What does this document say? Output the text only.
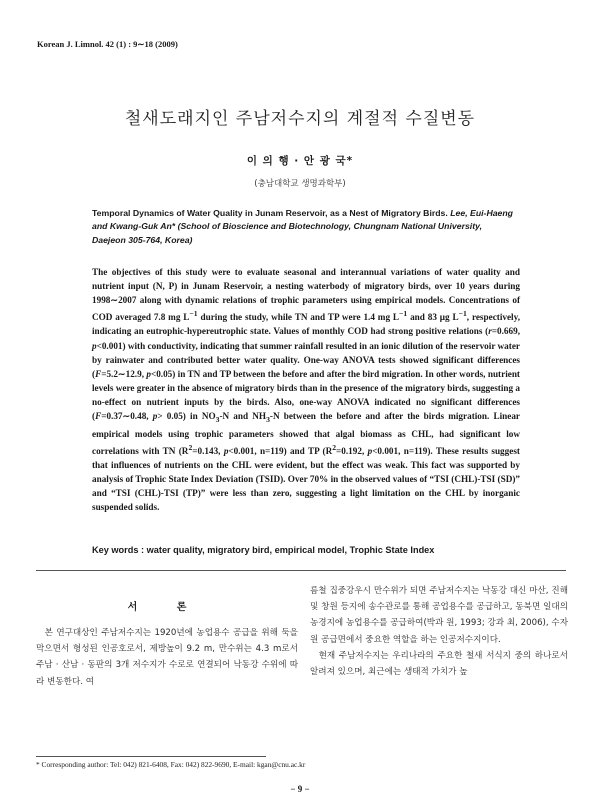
Korean J. Limnol. 42 (1) : 9∼18 (2009)
철새도래지인 주남저수지의 계절적 수질변동
이 의 행 · 안 광 국*
(충남대학교 생명과학부)
Temporal Dynamics of Water Quality in Junam Reservoir, as a Nest of Migratory Birds. Lee, Eui-Haeng and Kwang-Guk An* (School of Bioscience and Biotechnology, Chungnam National University, Daejeon 305-764, Korea)
The objectives of this study were to evaluate seasonal and interannual variations of water quality and nutrient input (N, P) in Junam Reservoir, a nesting waterbody of migratory birds, over 10 years during 1998∼2007 along with dynamic relations of trophic parameters using empirical models. Concentrations of COD averaged 7.8 mg $L^{-1}$ during the study, while TN and TP were 1.4 mg $L^{-1}$ and 83 μg $L^{-1}$, respectively, indicating an eutrophic-hypereutrophic state. Values of monthly COD had strong positive relations (r=0.669, p<0.001) with conductivity, indicating that summer rainfall resulted in an ionic dilution of the reservoir water by rainwater and contributed better water quality. One-way ANOVA tests showed significant differences (F=5.2∼12.9, p<0.05) in TN and TP between the before and after the bird migration. In other words, nutrient levels were greater in the absence of migratory birds than in the presence of the migratory birds, suggesting a no-effect on nutrient inputs by the birds. Also, one-way ANOVA indicated no significant differences (F=0.37∼0.48, p> 0.05) in $NO_3-N$ and $NH_3-N$ between the before and after the birds migration. Linear empirical models using trophic parameters showed that algal biomass as CHL, had significant low correlations with TN ($R^2=0.143$, p<0.001, n=119) and TP ($R^2=0.192$, p<0.001, n=119). These results suggest that influences of nutrients on the CHL were evident, but the effect was weak. This fact was supported by analysis of Trophic State Index Deviation (TSID). Over 70% in the observed values of “TSI (CHL)-TSI (SD)” and “TSI (CHL)-TSI (TP)” were less than zero, suggesting a light limitation on the CHL by inorganic suspended solids.
Key words : water quality, migratory bird, empirical model, Trophic State Index
서 론

본 연구대상인 주남저수지는 1920년에 농업용수 공급을 위해 둑을 막으면서 형성된 인공호로서, 제방높이 9.2 m, 만수위는 4.3 m로서 주남 · 산남 · 동판의 3개 저수지가 수로로 연결되어 낙동강 수위에 따라 변동한다. 여

름철 집중강우시 만수위가 되면 주남저수지는 낙동강 대신 마산, 진해 및 창원 등지에 송수관로를 통해 공업용수를 공급하고, 동북면 일대의 농경지에 농업용수를 공급하여(박과 원, 1993; 강과 최, 2006), 수자원 공급면에서 중요한 역할을 하는 인공저수지이다.

현재 주남저수지는 우리나라의 주요한 철새 서식지 중의 하나로서 알려져 있으며, 최근에는 생태적 가치가 높

* Corresponding author: Tel: 042) 821-6408, Fax: 042) 822-9690, E-mail: kgan@cnu.ac.kr
− 9 −
